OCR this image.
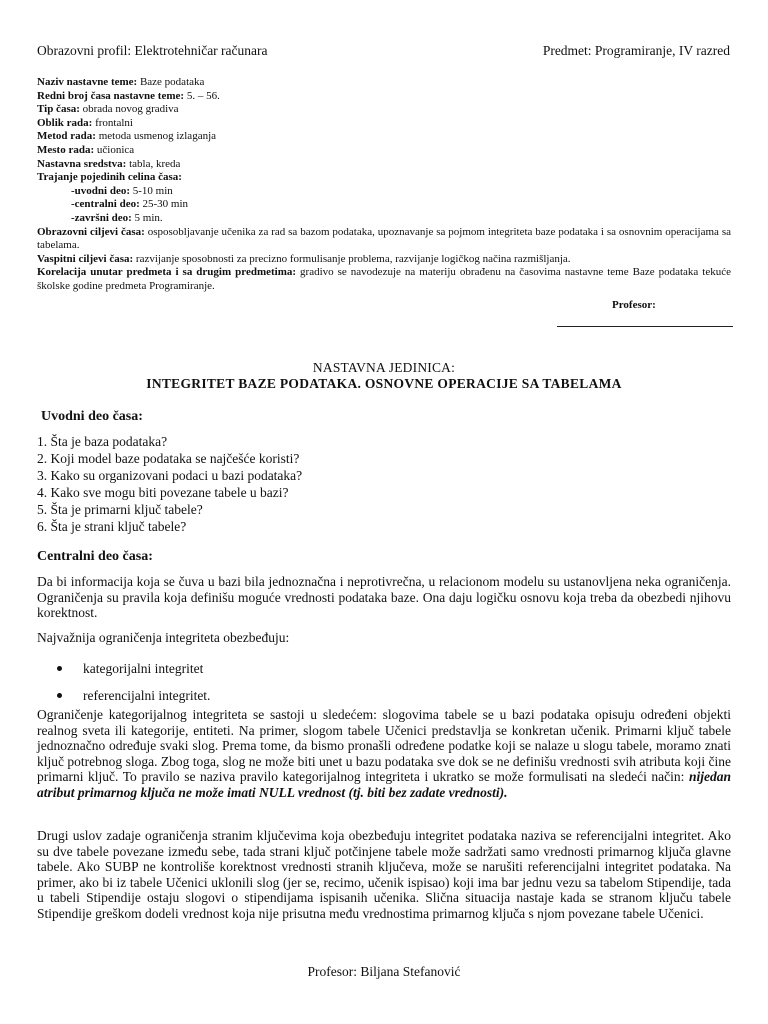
Obrazovni profil: Elektrotehničar računara	Predmet: Programiranje, IV razred
Naziv nastavne teme: Baze podataka
Redni broj časa nastavne teme: 5. – 56.
Tip časa: obrada novog gradiva
Oblik rada: frontalni
Metod rada: metoda usmenog izlaganja
Mesto rada: učionica
Nastavna sredstva: tabla, kreda
Trajanje pojedinih celina časa:
-uvodni deo: 5-10 min
-centralni deo: 25-30 min
-završni deo: 5 min.
Obrazovni ciljevi časa: osposobljavanje učenika za rad sa bazom podataka, upoznavanje sa pojmom integriteta baze podataka i sa osnovnim operacijama sa tabelama.
Vaspitni ciljevi časa: razvijanje sposobnosti za precizno formulisanje problema, razvijanje logičkog načina razmišljanja.
Korelacija unutar predmeta i sa drugim predmetima: gradivo se navodezuje na materiju obrađenu na časovima nastavne teme Baze podataka tekuće školske godine predmeta Programiranje.
Profesor:
NASTAVNA JEDINICA:
INTEGRITET BAZE PODATAKA. OSNOVNE OPERACIJE SA TABELAMA
Uvodni deo časa:
1. Šta je baza podataka?
2. Koji model baze podataka se najčešće koristi?
3. Kako su organizovani podaci u bazi podataka?
4. Kako sve mogu biti povezane tabele u bazi?
5. Šta je primarni ključ tabele?
6. Šta je strani ključ tabele?
Centralni deo časa:
Da bi informacija koja se čuva u bazi bila jednoznačna i neprotivrečna, u relacionom modelu su ustanovljena neka ograničenja. Ograničenja su pravila koja definišu moguće vrednosti podataka baze. Ona daju logičku osnovu koja treba da obezbedi njihovu korektnost.
Najvažnija ograničenja integriteta obezbeđuju:
kategorijalni integritet
referencijalni integritet.
Ograničenje kategorijalnog integriteta se sastoji u sledećem: slogovima tabele se u bazi podataka opisuju određeni objekti realnog sveta ili kategorije, entiteti. Na primer, slogom tabele Učenici predstavlja se konkretan učenik. Primarni ključ tabele jednoznačno određuje svaki slog. Prema tome, da bismo pronašli određene podatke koji se nalaze u slogu tabele, moramo znati ključ potrebnog sloga. Zbog toga, slog ne može biti unet u bazu podataka sve dok se ne definišu vrednosti svih atributa koji čine primarni ključ. To pravilo se naziva pravilo kategorijalnog integriteta i ukratko se može formulisati na sledeći način: nijedan atribut primarnog ključa ne može imati NULL vrednost (tj. biti bez zadate vrednosti).
Drugi uslov zadaje ograničenja stranim ključevima koja obezbeđuju integritet podataka naziva se referencijalni integritet. Ako su dve tabele povezane između sebe, tada strani ključ potčinjene tabele može sadržati samo vrednosti primarnog ključa glavne tabele. Ako SUBP ne kontroliše korektnost vrednosti stranih ključeva, može se narušiti referencijalni integritet podataka. Na primer, ako bi iz tabele Učenici uklonili slog (jer se, recimo, učenik ispisao) koji ima bar jednu vezu sa tabelom Stipendije, tada u tabeli Stipendije ostaju slogovi o stipendijama ispisanih učenika. Slična situacija nastaje kada se stranom ključu tabele Stipendije greškom dodeli vrednost koja nije prisutna među vrednostima primarnog ključa s njom povezane tabele Učenici.
Profesor: Biljana Stefanović
